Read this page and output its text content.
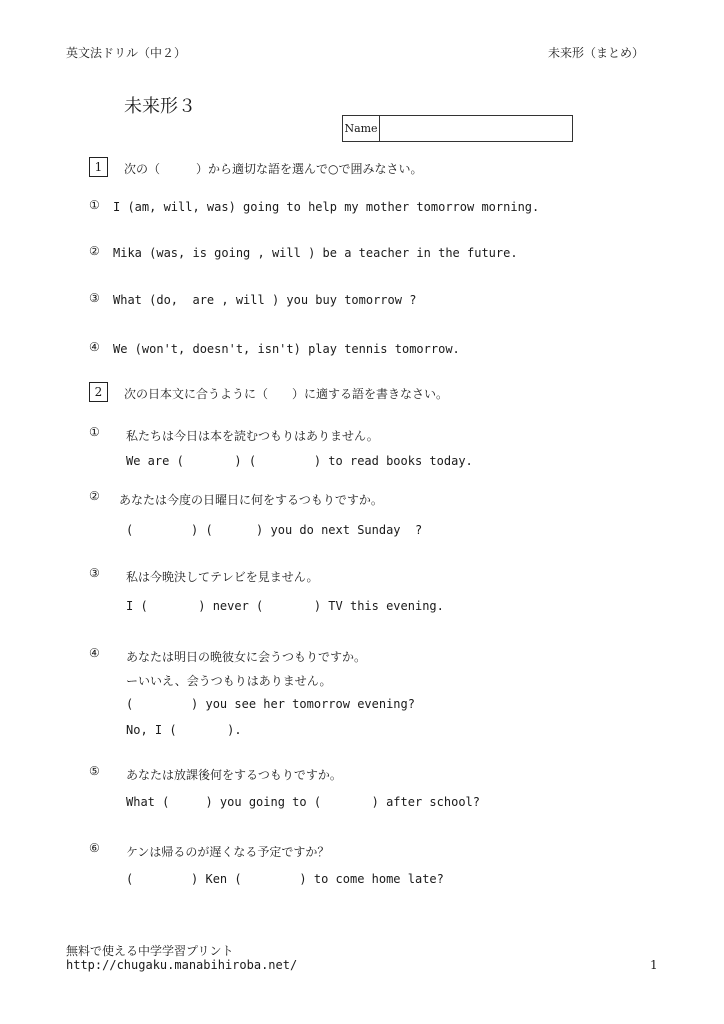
英文法ドリル（中２）	未来形（まとめ）
未来形３
Name
1	次の（　　　）から適切な語を選んで○で囲みなさい。
① I (am, will, was) going to help my mother tomorrow morning.
② Mika (was, is going , will ) be a teacher in the future.
③ What (do,  are , will ) you buy tomorrow ?
④ We (won't, doesn't, isn't) play tennis tomorrow.
2	次の日本文に合うように（　　）に適する語を書きなさい。
① 私たちは今日は本を読むつもりはありません。
We are (       ) (        ) to read books today.
② あなたは今度の日曜日に何をするつもりですか。
(        ) (      ) you do next Sunday  ?
③ 私は今晩決してテレビを見ません。
I (       ) never (       ) TV this evening.
④ あなたは明日の晩彼女に会うつもりですか。
ーいいえ、会うつもりはありません。
(        ) you see her tomorrow evening?
No, I (       ).
⑤ あなたは放課後何をするつもりですか。
What (     ) you going to (       ) after school?
⑥ ケンは帰るのが遅くなる予定ですか？
(        ) Ken (        ) to come home late?
無料で使える中学学習プリント
http://chugaku.manabihiroba.net/	1
